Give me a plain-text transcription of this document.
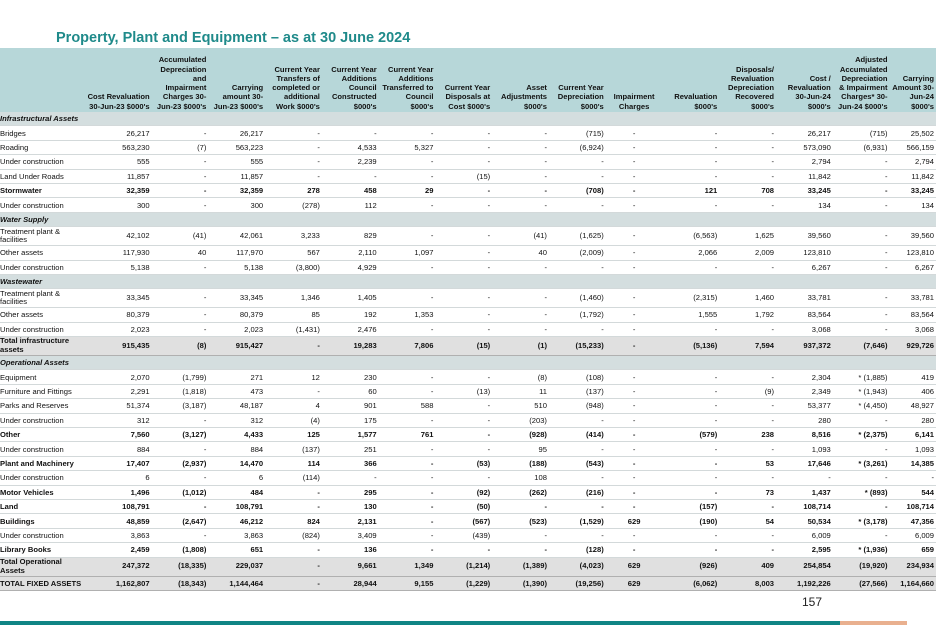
Property, Plant and Equipment – as at 30 June 2024
	Cost Revaluation 30-Jun-23 $000's	Accumulated Depreciation and Impairment Charges 30-Jun-23 $000's	Carrying amount 30-Jun-23 $000's	Current Year Transfers of completed or additional Work $000's	Current Year Additions Council Constructed $000's	Current Year Additions Transferred to Council $000's	Current Year Disposals at Cost $000's	Asset Adjustments $000's	Current Year Depreciation $000's	Impairment Charges	Revaluation $000's	Disposals/ Revaluation Depreciation Recovered $000's	Cost / Revaluation 30-Jun-24 $000's	Adjusted Accumulated Depreciation & Impairment Charges* 30-Jun-24 $000's	Carrying Amount 30-Jun-24 $000's
Infrastructural Assets															
Bridges	26,217	-	26,217	-	-	-	-	-	(715)	-	-	-	26,217	(715)	25,502
Roading	563,230	(7)	563,223	-	4,533	5,327	-	-	(6,924)	-	-	-	573,090	(6,931)	566,159
Under construction	555	-	555	-	2,239	-	-	-	-	-	-	-	2,794	-	2,794
Land Under Roads	11,857	-	11,857	-	-	-	(15)	-	-	-	-	-	11,842	-	11,842
Stormwater	32,359	-	32,359	278	458	29	-	-	(708)	-	121	708	33,245	-	33,245
Under construction	300	-	300	(278)	112	-	-	-	-	-	-	-	134	-	134
Water Supply															
Treatment plant & facilities	42,102	(41)	42,061	3,233	829	-	-	(41)	(1,625)	-	(6,563)	1,625	39,560	-	39,560
Other assets	117,930	40	117,970	567	2,110	1,097	-	40	(2,009)	-	2,066	2,009	123,810	-	123,810
Under construction	5,138	-	5,138	(3,800)	4,929	-	-	-	-	-	-	-	6,267	-	6,267
Wastewater															
Treatment plant & facilities	33,345	-	33,345	1,346	1,405	-	-	-	(1,460)	-	(2,315)	1,460	33,781	-	33,781
Other assets	80,379	-	80,379	85	192	1,353	-	-	(1,792)	-	1,555	1,792	83,564	-	83,564
Under construction	2,023	-	2,023	(1,431)	2,476	-	-	-	-	-	-	-	3,068	-	3,068
Total infrastructure assets	915,435	(8)	915,427	-	19,283	7,806	(15)	(1)	(15,233)	-	(5,136)	7,594	937,372	(7,646)	929,726
Operational Assets															
Equipment	2,070	(1,799)	271	12	230	-	-	(8)	(108)	-	-	-	2,304	* (1,885)	419
Furniture and Fittings	2,291	(1,818)	473	-	60	-	(13)	11	(137)	-	-	(9)	2,349	* (1,943)	406
Parks and Reserves	51,374	(3,187)	48,187	4	901	588	-	510	(948)	-	-	-	53,377	* (4,450)	48,927
Under construction	312	-	312	(4)	175	-	-	(203)	-	-	-	-	280	-	280
Other	7,560	(3,127)	4,433	125	1,577	761	-	(928)	(414)	-	(579)	238	8,516	* (2,375)	6,141
Under construction	884	-	884	(137)	251	-	-	95	-	-	-	-	1,093	-	1,093
Plant and Machinery	17,407	(2,937)	14,470	114	366	-	(53)	(188)	(543)	-	-	53	17,646	* (3,261)	14,385
Under construction	6	-	6	(114)	-	-	-	108	-	-	-	-	-	-	-
Motor Vehicles	1,496	(1,012)	484	-	295	-	(92)	(262)	(216)	-	-	73	1,437	* (893)	544
Land	108,791	-	108,791	-	130	-	(50)	-	-	-	(157)	-	108,714	-	108,714
Buildings	48,859	(2,647)	46,212	824	2,131	-	(567)	(523)	(1,529)	629	(190)	54	50,534	* (3,178)	47,356
Under construction	3,863	-	3,863	(824)	3,409	-	(439)	-	-	-	-	-	6,009	-	6,009
Library Books	2,459	(1,808)	651	-	136	-	-	-	(128)	-	-	-	2,595	* (1,936)	659
Total Operational Assets	247,372	(18,335)	229,037	-	9,661	1,349	(1,214)	(1,389)	(4,023)	629	(926)	409	254,854	(19,920)	234,934
TOTAL FIXED ASSETS	1,162,807	(18,343)	1,144,464	-	28,944	9,155	(1,229)	(1,390)	(19,256)	629	(6,062)	8,003	1,192,226	(27,566)	1,164,660
157
